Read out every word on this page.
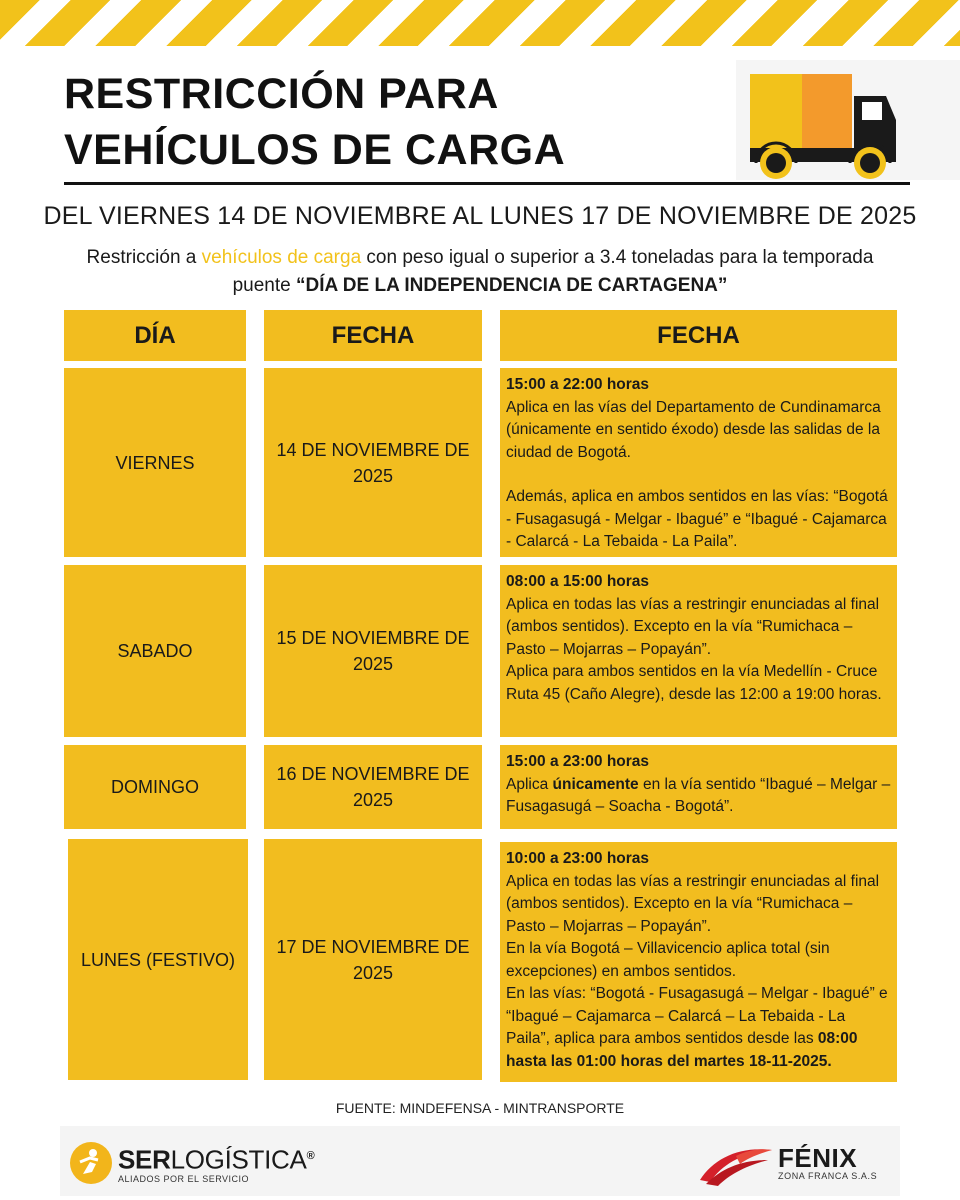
RESTRICCIÓN PARA
VEHÍCULOS DE CARGA
DEL VIERNES 14 DE NOVIEMBRE AL LUNES 17 DE NOVIEMBRE DE 2025
Restricción a vehículos de carga con peso igual o superior a 3.4 toneladas para la temporada puente “DÍA DE LA INDEPENDENCIA DE CARTAGENA”
DÍA	FECHA	FECHA
VIERNES
14 DE NOVIEMBRE DE 2025
15:00 a 22:00 horas
Aplica en las vías del Departamento de Cundinamarca (únicamente en sentido éxodo) desde las salidas de la ciudad de Bogotá.
Además, aplica en ambos sentidos en las vías: “Bogotá - Fusagasugá - Melgar - Ibagué” e “Ibagué - Cajamarca - Calarcá - La Tebaida - La Paila”.
SABADO
15 DE NOVIEMBRE DE 2025
08:00 a 15:00 horas
Aplica en todas las vías a restringir enunciadas al final (ambos sentidos). Excepto en la vía “Rumichaca – Pasto – Mojarras – Popayán”.
Aplica para ambos sentidos en la vía Medellín - Cruce Ruta 45 (Caño Alegre), desde las 12:00 a 19:00 horas.
DOMINGO
16 DE NOVIEMBRE DE 2025
15:00 a 23:00 horas
Aplica únicamente en la vía sentido “Ibagué – Melgar – Fusagasugá – Soacha - Bogotá”.
LUNES (FESTIVO)
17 DE NOVIEMBRE DE 2025
10:00 a 23:00 horas
Aplica en todas las vías a restringir enunciadas al final (ambos sentidos). Excepto en la vía “Rumichaca – Pasto – Mojarras – Popayán”.
En la vía Bogotá – Villavicencio aplica total (sin excepciones) en ambos sentidos.
En las vías: “Bogotá - Fusagasugá – Melgar - Ibagué” e “Ibagué – Cajamarca – Calarcá – La Tebaida - La Paila”, aplica para ambos sentidos desde las 08:00 hasta las 01:00 horas del martes 18-11-2025.
FUENTE: MINDEFENSA - MINTRANSPORTE
SERLOGÍSTICA®
ALIADOS POR EL SERVICIO
FÉNIX
ZONA FRANCA S.A.S
